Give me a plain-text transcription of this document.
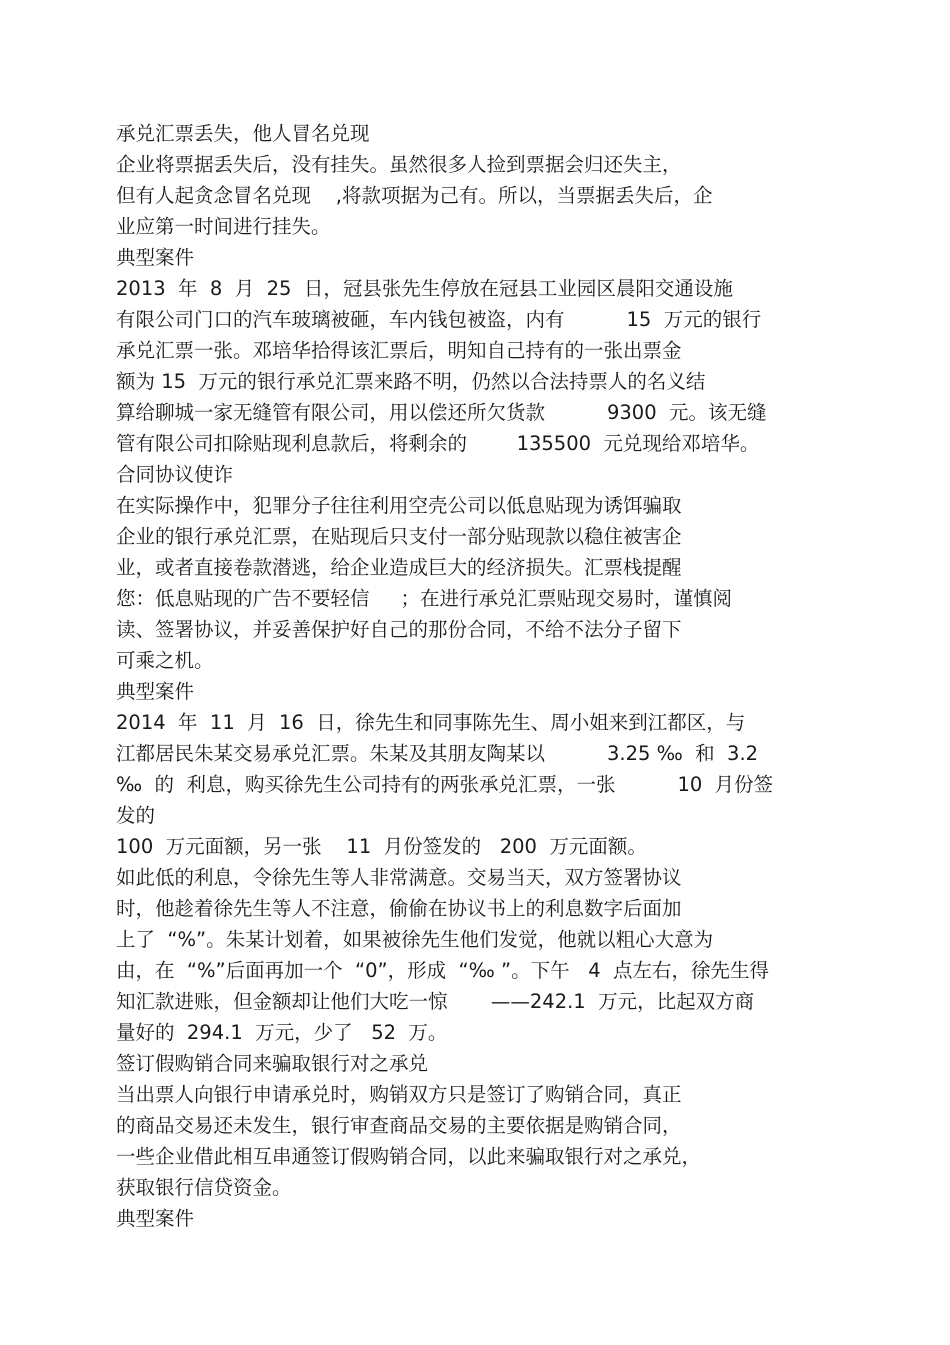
承兑汇票丢失，他人冒名兑现

企业将票据丢失后，没有挂失。虽然很多人捡到票据会归还失主，

但有人起贪念冒名兑现    ,将款项据为己有。所以，当票据丢失后，企

业应第一时间进行挂失。

典型案件

2013  年  8  月  25  日，冠县张先生停放在冠县工业园区晨阳交通设施

有限公司门口的汽车玻璃被砸，车内钱包被盗，内有          15  万元的银行

承兑汇票一张。邓培华拾得该汇票后，明知自己持有的一张出票金

额为 15  万元的银行承兑汇票来路不明，仍然以合法持票人的名义结

算给聊城一家无缝管有限公司，用以偿还所欠货款          9300  元。该无缝

管有限公司扣除贴现利息款后，将剩余的        135500  元兑现给邓培华。

合同协议使诈

在实际操作中，犯罪分子往往利用空壳公司以低息贴现为诱饵骗取

企业的银行承兑汇票，在贴现后只支付一部分贴现款以稳住被害企

业，或者直接卷款潜逃，给企业造成巨大的经济损失。汇票栈提醒

您：低息贴现的广告不要轻信     ；在进行承兑汇票贴现交易时，谨慎阅

读、签署协议，并妥善保护好自己的那份合同，不给不法分子留下

可乘之机。

典型案件

2014  年  11  月  16  日，徐先生和同事陈先生、周小姐来到江都区，与

江都居民朱某交易承兑汇票。朱某及其朋友陶某以          3.25 ‰  和  3.2

‰  的  利息，购买徐先生公司持有的两张承兑汇票，一张          10  月份签

发的

100  万元面额，另一张    11  月份签发的   200  万元面额。

如此低的利息，令徐先生等人非常满意。交易当天，双方签署协议

时，他趁着徐先生等人不注意，偷偷在协议书上的利息数字后面加

上了  “%”。朱某计划着，如果被徐先生他们发觉，他就以粗心大意为

由，在  “%”后面再加一个  “0”，形成  “‰ ”。下午   4  点左右，徐先生得

知汇款进账，但金额却让他们大吃一惊       ——242.1  万元，比起双方商

量好的  294.1  万元，少了   52  万。

签订假购销合同来骗取银行对之承兑

当出票人向银行申请承兑时，购销双方只是签订了购销合同，真正

的商品交易还未发生，银行审查商品交易的主要依据是购销合同，

一些企业借此相互串通签订假购销合同，以此来骗取银行对之承兑，

获取银行信贷资金。

典型案件
